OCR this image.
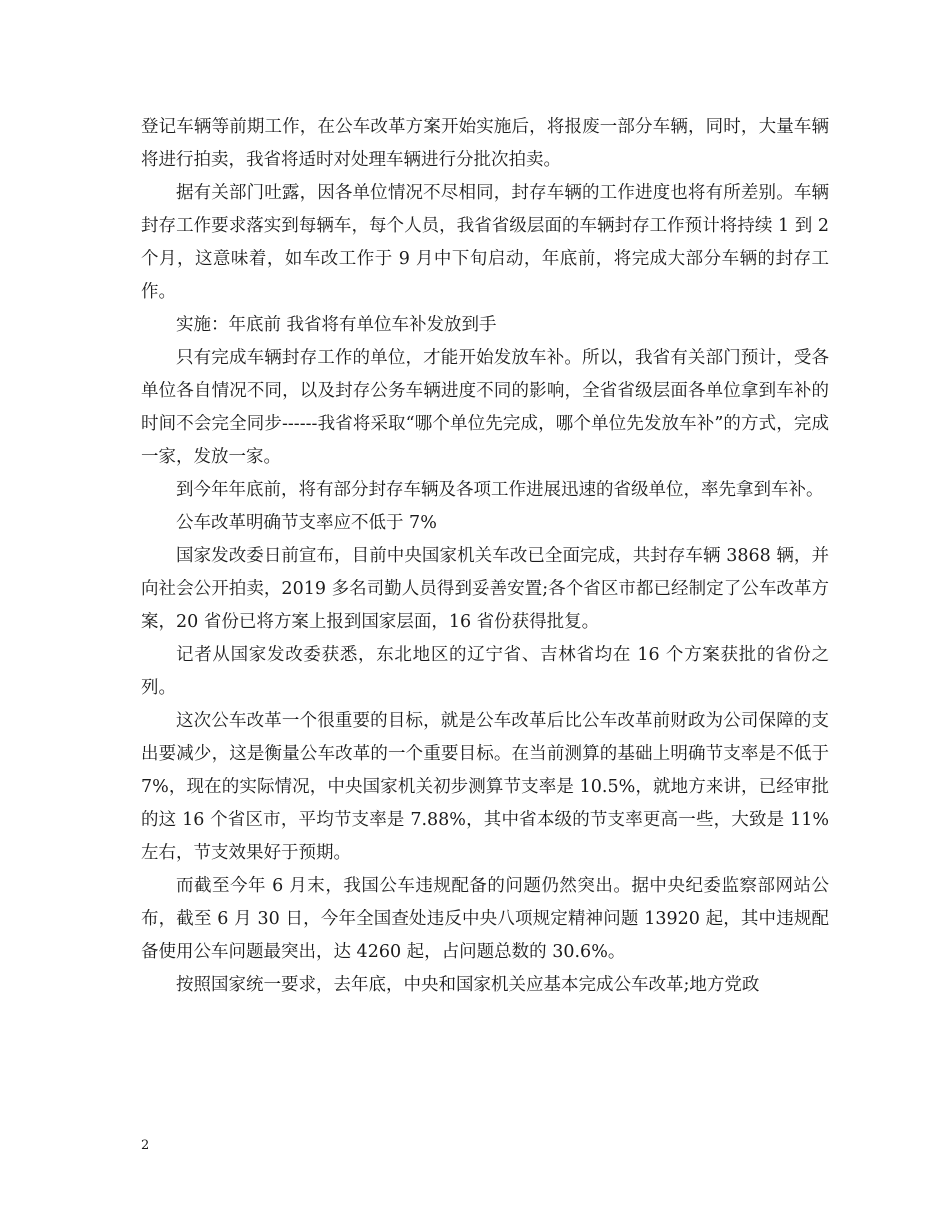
登记车辆等前期工作，在公车改革方案开始实施后，将报废一部分车辆，同时，大量车辆将进行拍卖，我省将适时对处理车辆进行分批次拍卖。

据有关部门吐露，因各单位情况不尽相同，封存车辆的工作进度也将有所差别。车辆封存工作要求落实到每辆车，每个人员，我省省级层面的车辆封存工作预计将持续 1 到 2 个月，这意味着，如车改工作于 9 月中下旬启动，年底前，将完成大部分车辆的封存工作。

实施：年底前 我省将有单位车补发放到手

只有完成车辆封存工作的单位，才能开始发放车补。所以，我省有关部门预计，受各单位各自情况不同，以及封存公务车辆进度不同的影响，全省省级层面各单位拿到车补的时间不会完全同步------我省将采取“哪个单位先完成，哪个单位先发放车补”的方式，完成一家，发放一家。

到今年年底前，将有部分封存车辆及各项工作进展迅速的省级单位，率先拿到车补。

公车改革明确节支率应不低于 7%

国家发改委日前宣布，目前中央国家机关车改已全面完成，共封存车辆 3868 辆，并向社会公开拍卖，2019 多名司勤人员得到妥善安置;各个省区市都已经制定了公车改革方案，20 省份已将方案上报到国家层面，16 省份获得批复。

记者从国家发改委获悉，东北地区的辽宁省、吉林省均在 16 个方案获批的省份之列。

这次公车改革一个很重要的目标，就是公车改革后比公车改革前财政为公司保障的支出要减少，这是衡量公车改革的一个重要目标。在当前测算的基础上明确节支率是不低于 7%，现在的实际情况，中央国家机关初步测算节支率是 10.5%，就地方来讲，已经审批的这 16 个省区市，平均节支率是 7.88%，其中省本级的节支率更高一些，大致是 11%左右，节支效果好于预期。

而截至今年 6 月末，我国公车违规配备的问题仍然突出。据中央纪委监察部网站公布，截至 6 月 30 日，今年全国查处违反中央八项规定精神问题 13920 起，其中违规配备使用公车问题最突出，达 4260 起，占问题总数的 30.6%。

按照国家统一要求，去年底，中央和国家机关应基本完成公车改革;地方党政

2
